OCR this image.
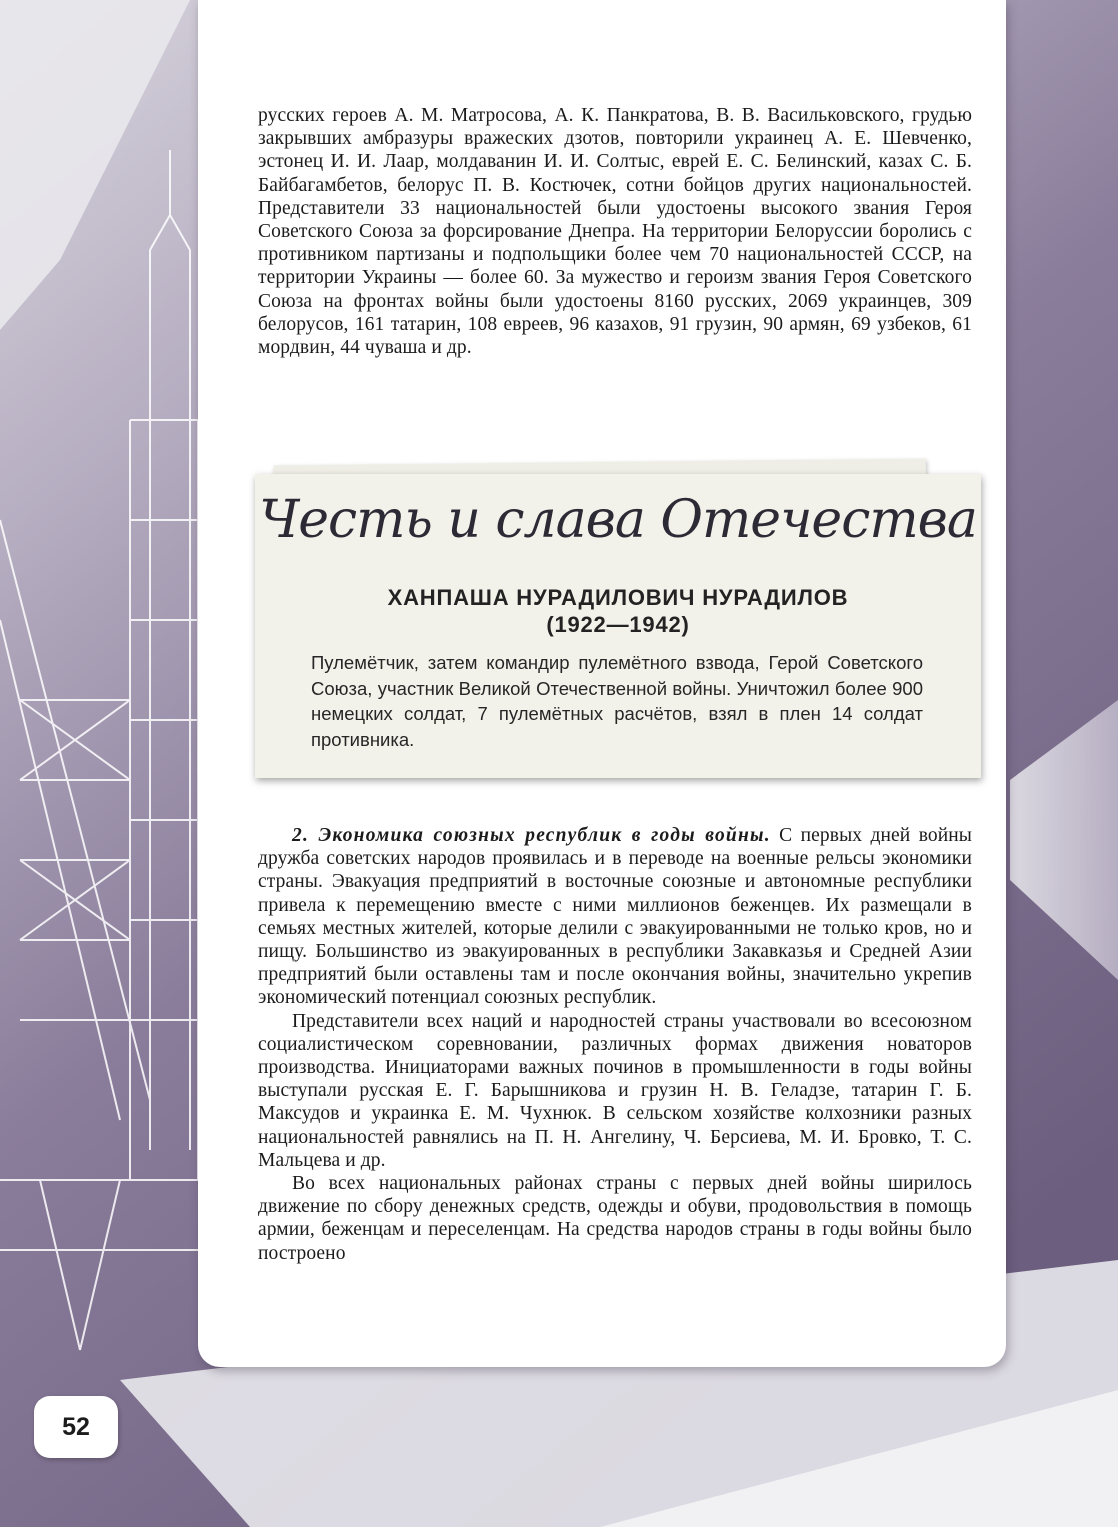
русских героев А. М. Матросова, А. К. Панкратова, В. В. Васильковского, грудью закрывших амбразуры вражеских дзотов, повторили украинец А. Е. Шевченко, эстонец И. И. Лаар, молдаванин И. И. Солтыс, еврей Е. С. Белинский, казах С. Б. Байбагамбетов, белорус П. В. Костючек, сотни бойцов других национальностей. Представители 33 национальностей были удостоены высокого звания Героя Советского Союза за форсирование Днепра. На территории Белоруссии боролись с противником партизаны и подпольщики более чем 70 национальностей СССР, на территории Украины — более 60. За мужество и героизм звания Героя Советского Союза на фронтах войны были удостоены 8160 русских, 2069 украинцев, 309 белорусов, 161 татарин, 108 евреев, 96 казахов, 91 грузин, 90 армян, 69 узбеков, 61 мордвин, 44 чуваша и др.

Честь и слава Отечества
ХАНПАША НУРАДИЛОВИЧ НУРАДИЛОВ
(1922—1942)
Пулемётчик, затем командир пулемётного взвода, Герой Советского Союза, участник Великой Отечественной войны. Уничтожил более 900 немецких солдат, 7 пулемётных расчётов, взял в плен 14 солдат противника.

2. Экономика союзных республик в годы войны. С первых дней войны дружба советских народов проявилась и в переводе на военные рельсы экономики страны. Эвакуация предприятий в восточные союзные и автономные республики привела к перемещению вместе с ними миллионов беженцев. Их размещали в семьях местных жителей, которые делили с эвакуированными не только кров, но и пищу. Большинство из эвакуированных в республики Закавказья и Средней Азии предприятий были оставлены там и после окончания войны, значительно укрепив экономический потенциал союзных республик.

Представители всех наций и народностей страны участвовали во всесоюзном социалистическом соревновании, различных формах движения новаторов производства. Инициаторами важных починов в промышленности в годы войны выступали русская Е. Г. Барышникова и грузин Н. В. Геладзе, татарин Г. Б. Максудов и украинка Е. М. Чухнюк. В сельском хозяйстве колхозники разных национальностей равнялись на П. Н. Ангелину, Ч. Берсиева, М. И. Бровко, Т. С. Мальцева и др.

Во всех национальных районах страны с первых дней войны ширилось движение по сбору денежных средств, одежды и обуви, продовольствия в помощь армии, беженцам и переселенцам. На средства народов страны в годы войны было построено

52
